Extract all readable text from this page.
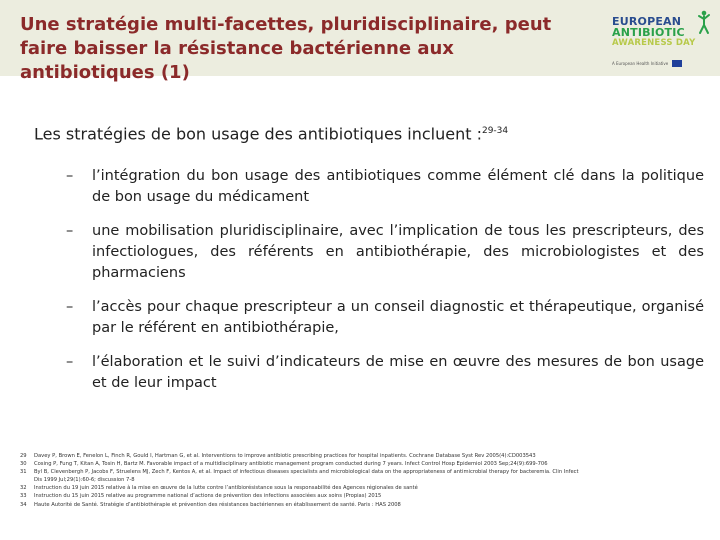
Une stratégie multi-facettes, pluridisciplinaire, peut faire baisser la résistance bactérienne aux antibiotiques (1)
EUROPEAN
ANTIBIOTIC
AWARENESS DAY
A European Health Initiative

Les stratégies de bon usage des antibiotiques incluent :$^{29-34}$

– l’intégration du bon usage des antibiotiques comme élément clé dans la politique de bon usage du médicament
– une mobilisation pluridisciplinaire, avec l’implication de tous les prescripteurs, des infectiologues, des référents en antibiothérapie, des microbiologistes et des pharmaciens
– l’accès pour chaque prescripteur a un conseil diagnostic et thérapeutique, organisé par le référent en antibiothérapie,
– l’élaboration et le suivi d’indicateurs de mise en œuvre des mesures de bon usage et de leur impact
29 Davey P, Brown E, Fenelon L, Finch R, Gould I, Hartman G, et al. Interventions to improve antibiotic prescribing practices for hospital inpatients. Cochrane Database Syst Rev 2005(4):CD003543
30 Cosing P, Fung T, Kitan A, Tosin H, Bartz M. Favorable impact of a multidisciplinary antibiotic management program conducted during 7 years. Infect Control Hosp Epidemiol 2003 Sep;24(9):699-706
31 Byl B, Clevenbergh P, Jacobs F, Struelens MJ, Zech F, Kentos A, et al. Impact of infectious diseases specialists and microbiological data on the appropriateness of antimicrobial therapy for bacteremia. Clin Infect
Dis 1999 Jul;29(1):60-6; discussion 7-8
32 Instruction du 19 juin 2015 relative à la mise en œuvre de la lutte contre l’antibiorésistance sous la responsabilité des Agences régionales de santé
33 Instruction du 15 juin 2015 relative au programme national d’actions de prévention des infections associées aux soins (Propias) 2015
34 Haute Autorité de Santé. Stratégie d’antibiothérapie et prévention des résistances bactériennes en établissement de santé. Paris : HAS 2008
